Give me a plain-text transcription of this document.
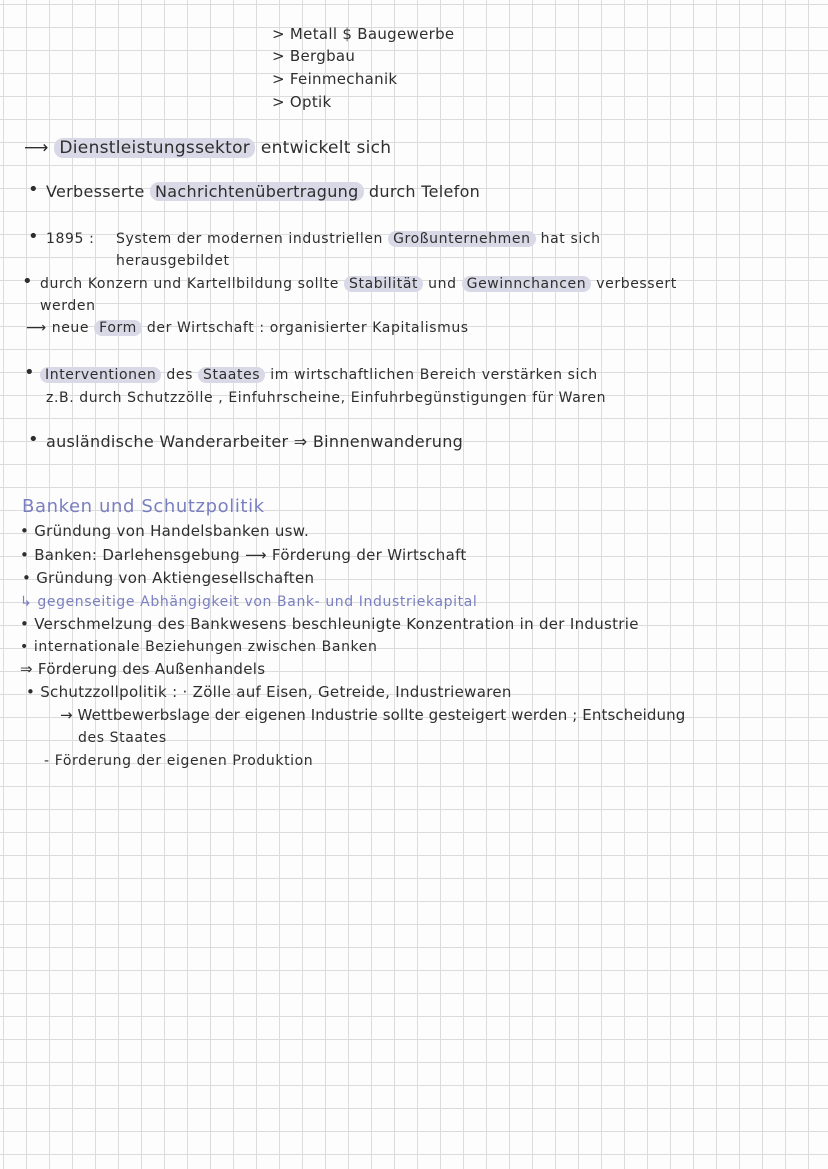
> Metall $ Baugewerbe
> Bergbau
> Feinmechanik
> Optik
⟶ Dienstleistungssektor entwickelt sich
• Verbesserte Nachrichtenübertragung durch Telefon
• 1895 : System der modernen industriellen Großunternehmen hat sich
herausgebildet
• durch Konzern und Kartellbildung sollte Stabilität und Gewinnchancen verbessert
werden
⟶ neue Form der Wirtschaft : organisierter Kapitalismus
• Interventionen des Staates im wirtschaftlichen Bereich verstärken sich
z.B. durch Schutzzölle , Einfuhrscheine, Einfuhrbegünstigungen für Waren
• ausländische Wanderarbeiter ⇒ Binnenwanderung
Banken und Schutzpolitik
• Gründung von Handelsbanken usw.
• Banken: Darlehensgebung ⟶ Förderung der Wirtschaft
• Gründung von Aktiengesellschaften
↳ gegenseitige Abhängigkeit von Bank- und Industriekapital
• Verschmelzung des Bankwesens beschleunigte Konzentration in der Industrie
• internationale Beziehungen zwischen Banken
⇒ Förderung des Außenhandels
• Schutzzollpolitik : · Zölle auf Eisen, Getreide, Industriewaren
→ Wettbewerbslage der eigenen Industrie sollte gesteigert werden ; Entscheidung
des Staates
- Förderung der eigenen Produktion
